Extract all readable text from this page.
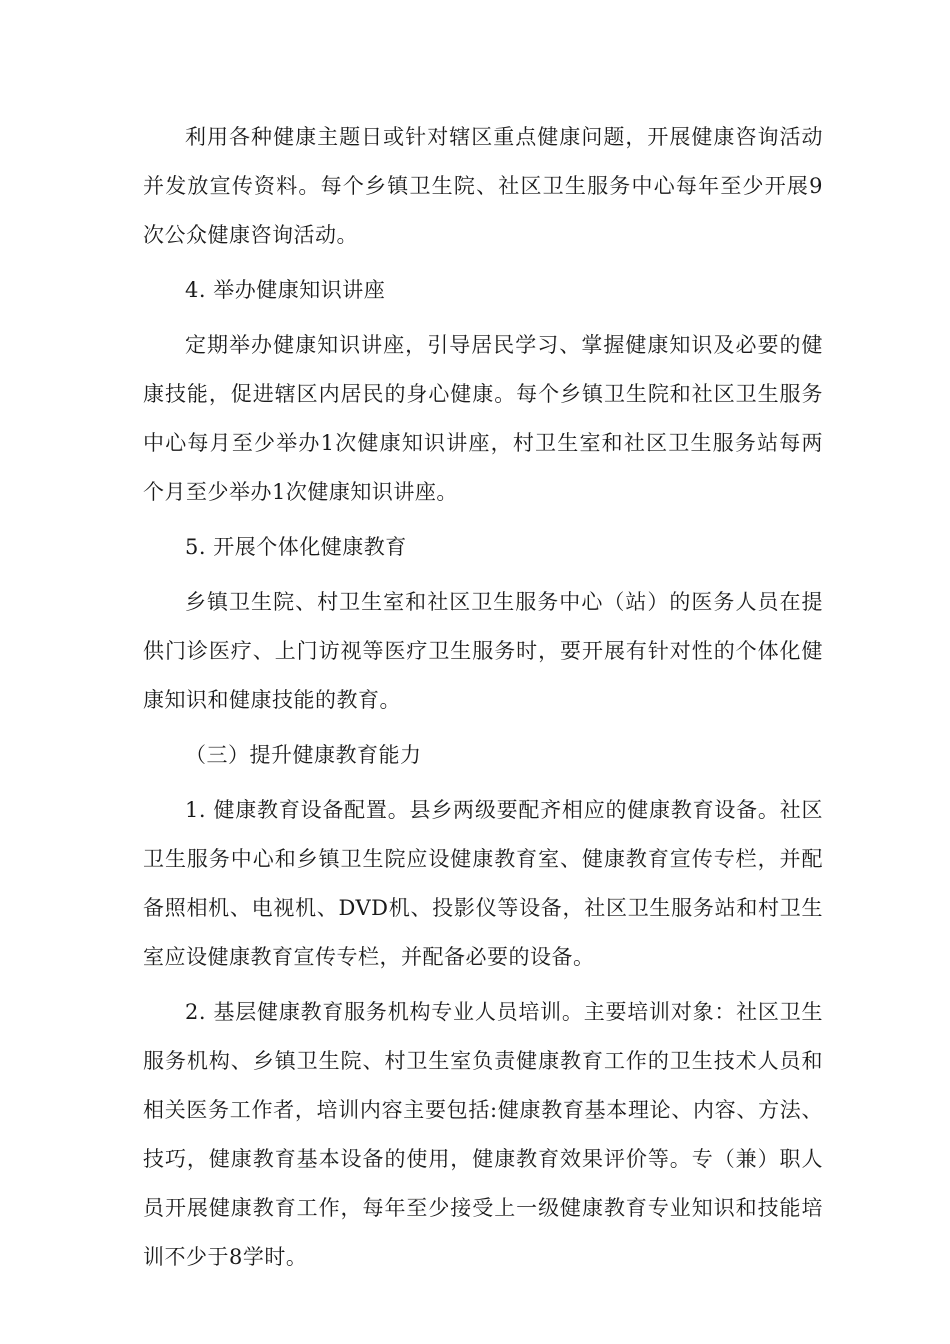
利用各种健康主题日或针对辖区重点健康问题，开展健康咨询活动并发放宣传资料。每个乡镇卫生院、社区卫生服务中心每年至少开展9次公众健康咨询活动。

4. 举办健康知识讲座

定期举办健康知识讲座，引导居民学习、掌握健康知识及必要的健康技能，促进辖区内居民的身心健康。每个乡镇卫生院和社区卫生服务中心每月至少举办1次健康知识讲座，村卫生室和社区卫生服务站每两个月至少举办1次健康知识讲座。

5. 开展个体化健康教育

乡镇卫生院、村卫生室和社区卫生服务中心（站）的医务人员在提供门诊医疗、上门访视等医疗卫生服务时，要开展有针对性的个体化健康知识和健康技能的教育。

（三）提升健康教育能力

1. 健康教育设备配置。县乡两级要配齐相应的健康教育设备。社区卫生服务中心和乡镇卫生院应设健康教育室、健康教育宣传专栏，并配备照相机、电视机、DVD机、投影仪等设备，社区卫生服务站和村卫生室应设健康教育宣传专栏，并配备必要的设备。

2. 基层健康教育服务机构专业人员培训。主要培训对象：社区卫生服务机构、乡镇卫生院、村卫生室负责健康教育工作的卫生技术人员和相关医务工作者，培训内容主要包括:健康教育基本理论、内容、方法、技巧，健康教育基本设备的使用，健康教育效果评价等。专（兼）职人员开展健康教育工作，每年至少接受上一级健康教育专业知识和技能培训不少于8学时。
